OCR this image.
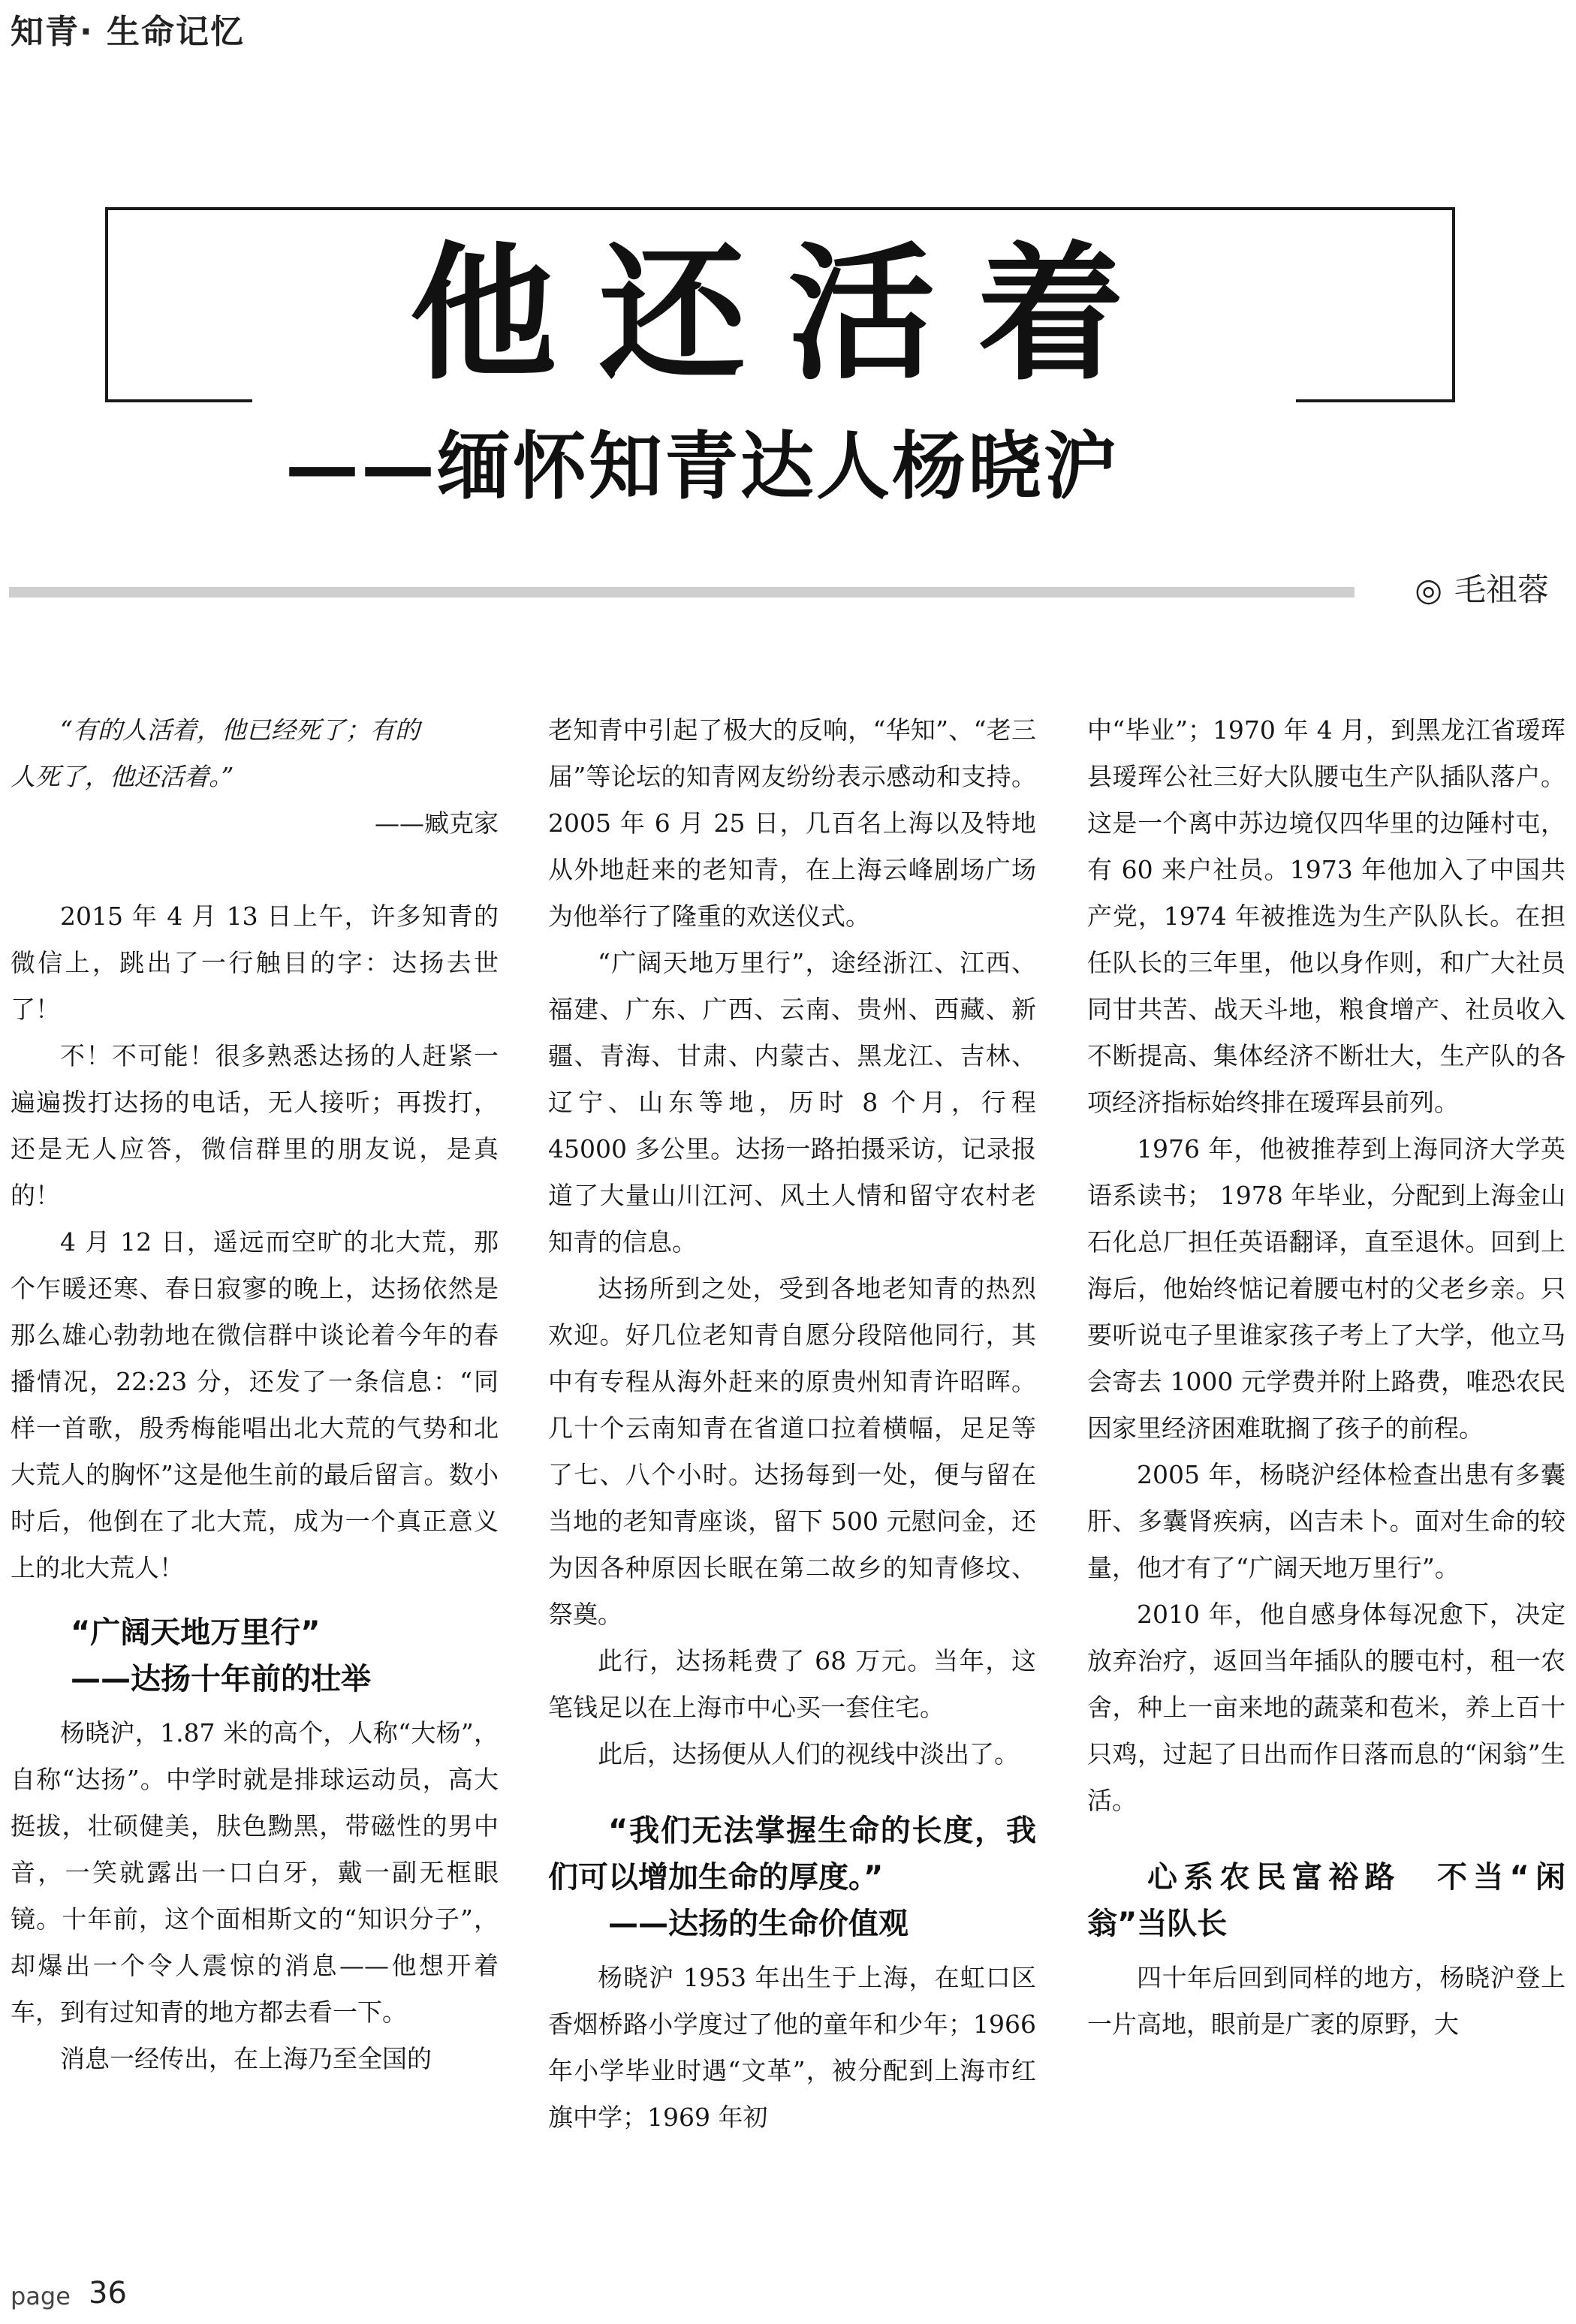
知青· 生命记忆
他还活着
——缅怀知青达人杨晓沪
◎ 毛祖蓉

“有的人活着，他已经死了；有的

人死了，他还活着。”

——臧克家

2015 年 4 月 13 日上午，许多知青的微信上，跳出了一行触目的字：达扬去世了！

不！不可能！很多熟悉达扬的人赶紧一遍遍拨打达扬的电话，无人接听；再拨打，还是无人应答，微信群里的朋友说，是真的！

4 月 12 日，遥远而空旷的北大荒，那个乍暖还寒、春日寂寥的晚上，达扬依然是那么雄心勃勃地在微信群中谈论着今年的春播情况，22:23 分，还发了一条信息：“同样一首歌，殷秀梅能唱出北大荒的气势和北大荒人的胸怀”这是他生前的最后留言。数小时后，他倒在了北大荒，成为一个真正意义上的北大荒人！

“广阔天地万里行”
——达扬十年前的壮举

杨晓沪，1.87 米的高个，人称“大杨”，自称“达扬”。中学时就是排球运动员，高大挺拔，壮硕健美，肤色黝黑，带磁性的男中音，一笑就露出一口白牙，戴一副无框眼镜。十年前，这个面相斯文的“知识分子”，却爆出一个令人震惊的消息——他想开着车，到有过知青的地方都去看一下。

消息一经传出，在上海乃至全国的

老知青中引起了极大的反响，“华知”、“老三届”等论坛的知青网友纷纷表示感动和支持。2005 年 6 月 25 日，几百名上海以及特地从外地赶来的老知青，在上海云峰剧场广场为他举行了隆重的欢送仪式。

“广阔天地万里行”，途经浙江、江西、福建、广东、广西、云南、贵州、西藏、新疆、青海、甘肃、内蒙古、黑龙江、吉林、辽宁、山东等地，历时 8 个月，行程 45000 多公里。达扬一路拍摄采访，记录报道了大量山川江河、风土人情和留守农村老知青的信息。

达扬所到之处，受到各地老知青的热烈欢迎。好几位老知青自愿分段陪他同行，其中有专程从海外赶来的原贵州知青许昭晖。几十个云南知青在省道口拉着横幅，足足等了七、八个小时。达扬每到一处，便与留在当地的老知青座谈，留下 500 元慰问金，还为因各种原因长眠在第二故乡的知青修坟、祭奠。

此行，达扬耗费了 68 万元。当年，这笔钱足以在上海市中心买一套住宅。

此后，达扬便从人们的视线中淡出了。

“我们无法掌握生命的长度，我们可以增加生命的厚度。”
——达扬的生命价值观

杨晓沪 1953 年出生于上海，在虹口区香烟桥路小学度过了他的童年和少年；1966 年小学毕业时遇“文革”，被分配到上海市红旗中学；1969 年初

中“毕业”；1970 年 4 月，到黑龙江省瑷珲县瑷珲公社三好大队腰屯生产队插队落户。这是一个离中苏边境仅四华里的边陲村屯，有 60 来户社员。1973 年他加入了中国共产党，1974 年被推选为生产队队长。在担任队长的三年里，他以身作则，和广大社员同甘共苦、战天斗地，粮食增产、社员收入不断提高、集体经济不断壮大，生产队的各项经济指标始终排在瑷珲县前列。

1976 年，他被推荐到上海同济大学英语系读书； 1978 年毕业，分配到上海金山石化总厂担任英语翻译，直至退休。回到上海后，他始终惦记着腰屯村的父老乡亲。只要听说屯子里谁家孩子考上了大学，他立马会寄去 1000 元学费并附上路费，唯恐农民因家里经济困难耽搁了孩子的前程。

2005 年，杨晓沪经体检查出患有多囊肝、多囊肾疾病，凶吉未卜。面对生命的较量，他才有了“广阔天地万里行”。

2010 年，他自感身体每况愈下，决定放弃治疗，返回当年插队的腰屯村，租一农舍，种上一亩来地的蔬菜和苞米，养上百十只鸡，过起了日出而作日落而息的“闲翁”生活。

心系农民富裕路　不当“闲翁”当队长

四十年后回到同样的地方，杨晓沪登上一片高地，眼前是广袤的原野，大

page 36
